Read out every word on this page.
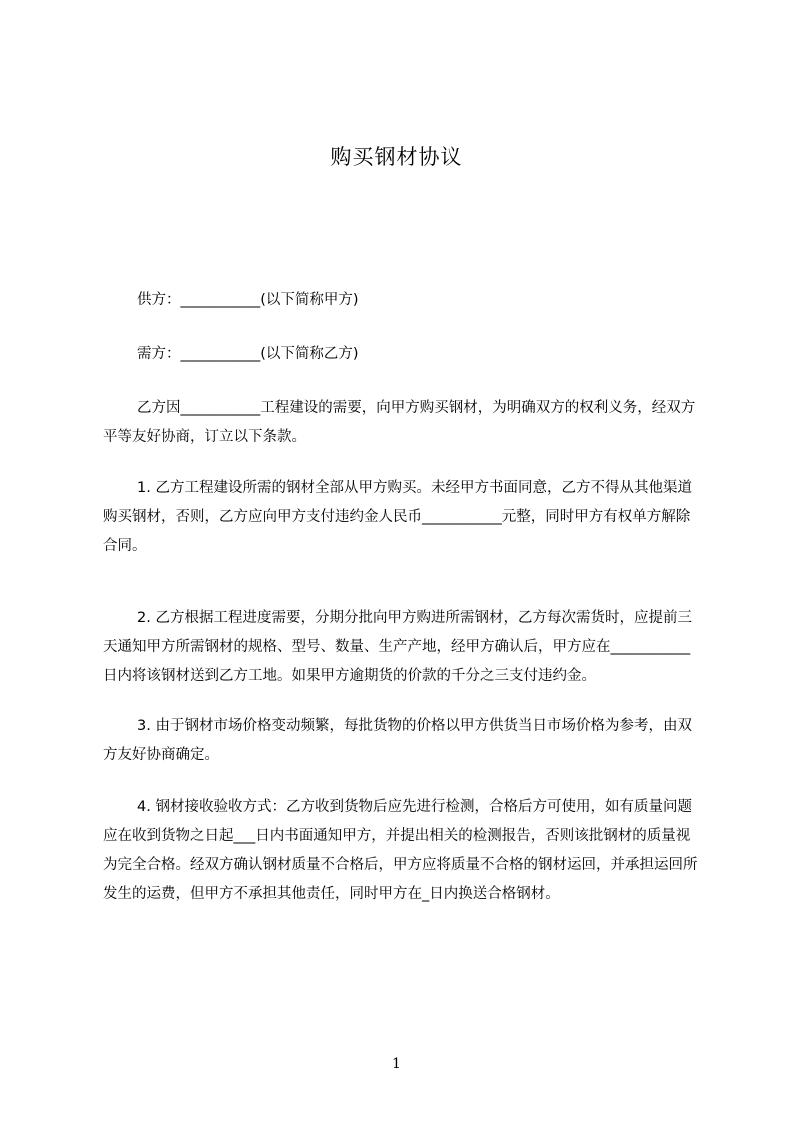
购买钢材协议
供方：___________(以下简称甲方)
需方：___________(以下简称乙方)
乙方因___________工程建设的需要，向甲方购买钢材，为明确双方的权利义务，经双方平等友好协商，订立以下条款。
1. 乙方工程建设所需的钢材全部从甲方购买。未经甲方书面同意，乙方不得从其他渠道购买钢材，否则，乙方应向甲方支付违约金人民币___________元整，同时甲方有权单方解除合同。
2. 乙方根据工程进度需要，分期分批向甲方购进所需钢材，乙方每次需货时，应提前三天通知甲方所需钢材的规格、型号、数量、生产产地，经甲方确认后，甲方应在___________日内将该钢材送到乙方工地。如果甲方逾期货的价款的千分之三支付违约金。
3. 由于钢材市场价格变动频繁，每批货物的价格以甲方供货当日市场价格为参考，由双方友好协商确定。
4. 钢材接收验收方式：乙方收到货物后应先进行检测，合格后方可使用，如有质量问题应在收到货物之日起___日内书面通知甲方，并提出相关的检测报告，否则该批钢材的质量视为完全合格。经双方确认钢材质量不合格后，甲方应将质量不合格的钢材运回，并承担运回所发生的运费，但甲方不承担其他责任，同时甲方在_日内换送合格钢材。
1
